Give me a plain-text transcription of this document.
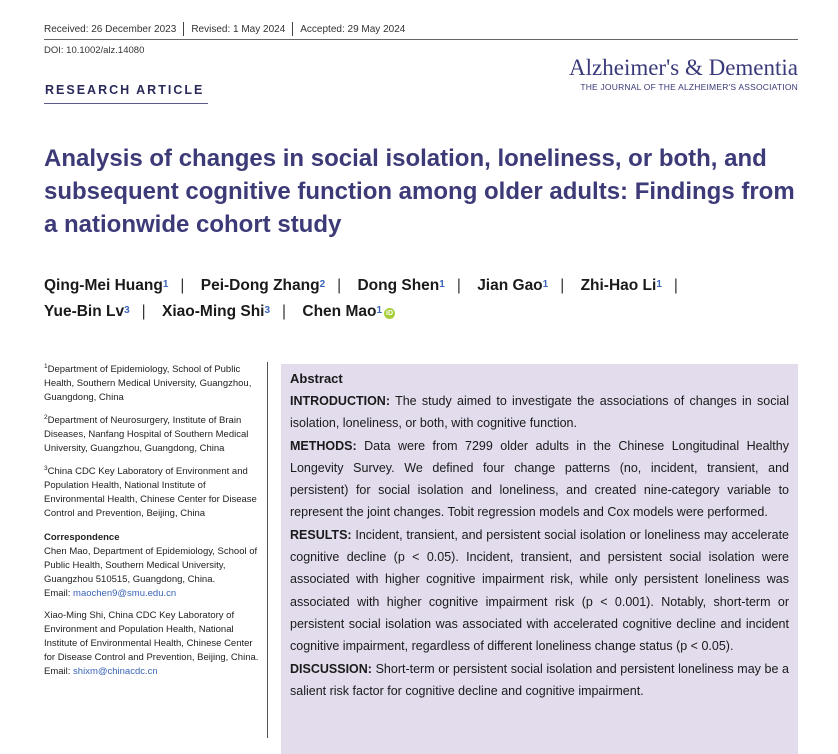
Received: 26 December 2023 Revised: 1 May 2024 Accepted: 29 May 2024
DOI: 10.1002/alz.14080
RESEARCH ARTICLE
Alzheimer's & Dementia
THE JOURNAL OF THE ALZHEIMER'S ASSOCIATION
Analysis of changes in social isolation, loneliness, or both, and subsequent cognitive function among older adults: Findings from a nationwide cohort study
Qing-Mei Huang$^1$ | Pei-Dong Zhang$^2$ | Dong Shen$^1$ | Jian Gao$^1$ | Zhi-Hao Li$^1$ |
Yue-Bin Lv$^3$ | Xiao-Ming Shi$^3$ | Chen Mao$^1$ iD
$^1$Department of Epidemiology, School of Public Health, Southern Medical University, Guangzhou, Guangdong, China
$^2$Department of Neurosurgery, Institute of Brain Diseases, Nanfang Hospital of Southern Medical University, Guangzhou, Guangdong, China
$^3$China CDC Key Laboratory of Environment and Population Health, National Institute of Environmental Health, Chinese Center for Disease Control and Prevention, Beijing, China
Correspondence
Chen Mao, Department of Epidemiology, School of Public Health, Southern Medical University, Guangzhou 510515, Guangdong, China.
Email: maochen9@smu.edu.cn
Xiao-Ming Shi, China CDC Key Laboratory of Environment and Population Health, National Institute of Environmental Health, Chinese Center for Disease Control and Prevention, Beijing, China.
Email: shixm@chinacdc.cn
Abstract
INTRODUCTION: The study aimed to investigate the associations of changes in social isolation, loneliness, or both, with cognitive function.
METHODS: Data were from 7299 older adults in the Chinese Longitudinal Healthy Longevity Survey. We defined four change patterns (no, incident, transient, and persistent) for social isolation and loneliness, and created nine-category variable to represent the joint changes. Tobit regression models and Cox models were performed.
RESULTS: Incident, transient, and persistent social isolation or loneliness may accelerate cognitive decline (p < 0.05). Incident, transient, and persistent social isolation were associated with higher cognitive impairment risk, while only persistent loneliness was associated with higher cognitive impairment risk (p < 0.001). Notably, short-term or persistent social isolation was associated with accelerated cognitive decline and incident cognitive impairment, regardless of different loneliness change status (p < 0.05).
DISCUSSION: Short-term or persistent social isolation and persistent loneliness may be a salient risk factor for cognitive decline and cognitive impairment.
